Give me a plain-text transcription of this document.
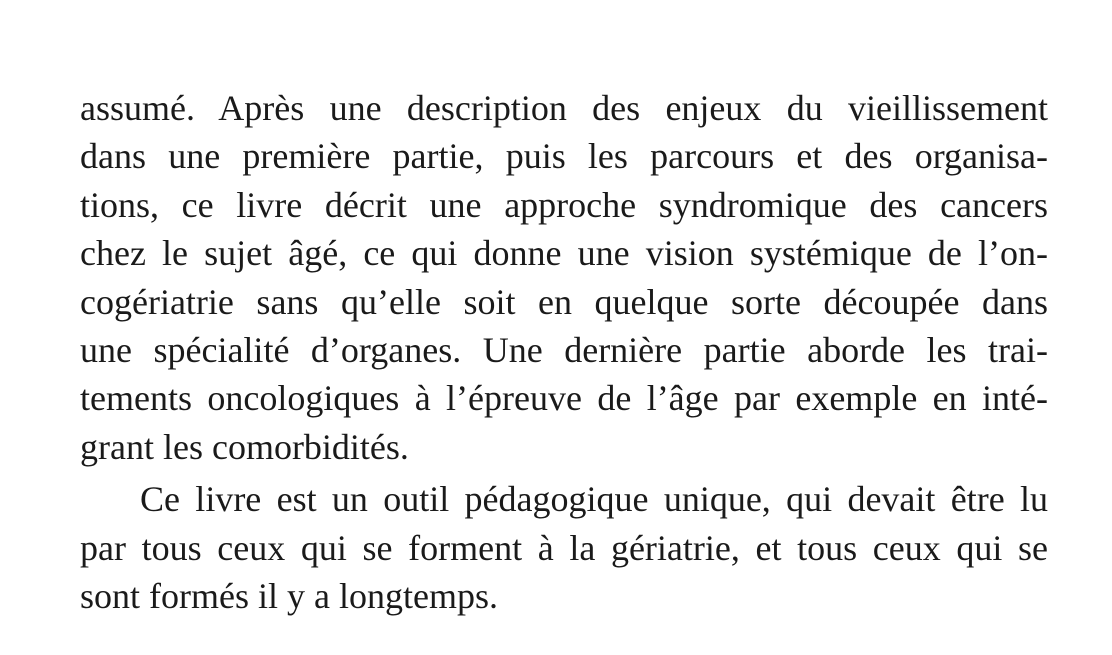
assumé. Après une description des enjeux du vieillissement
dans une première partie, puis les parcours et des organisa-
tions, ce livre décrit une approche syndromique des cancers
chez le sujet âgé, ce qui donne une vision systémique de l’on-
cogériatrie sans qu’elle soit en quelque sorte découpée dans
une spécialité d’organes. Une dernière partie aborde les trai-
tements oncologiques à l’épreuve de l’âge par exemple en inté-
grant les comorbidités.
Ce livre est un outil pédagogique unique, qui devait être lu
par tous ceux qui se forment à la gériatrie, et tous ceux qui se
sont formés il y a longtemps.
